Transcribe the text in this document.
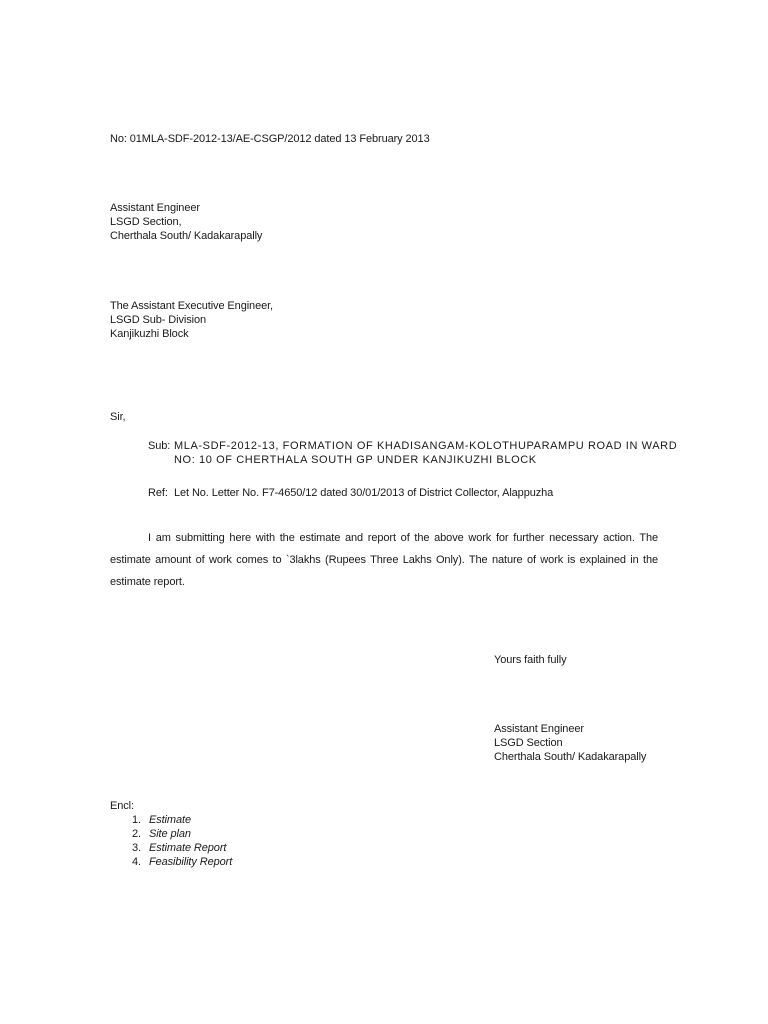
No: 01MLA-SDF-2012-13/AE-CSGP/2012 dated 13 February 2013
Assistant Engineer
LSGD Section,
Cherthala South/ Kadakarapally
The Assistant Executive Engineer,
LSGD Sub- Division
Kanjikuzhi Block
Sir,
Sub: MLA-SDF-2012-13, FORMATION OF KHADISANGAM-KOLOTHUPARAMPU ROAD IN WARD NO: 10 OF CHERTHALA SOUTH GP UNDER KANJIKUZHI BLOCK
Ref: Let No. Letter No. F7-4650/12 dated 30/01/2013 of District Collector, Alappuzha

I am submitting here with the estimate and report of the above work for further necessary action. The estimate amount of work comes to `3lakhs (Rupees Three Lakhs Only). The nature of work is explained in the estimate report.

Yours faith fully
Assistant Engineer
LSGD Section
Cherthala South/ Kadakarapally
Encl:
1. Estimate
2. Site plan
3. Estimate Report
4. Feasibility Report
